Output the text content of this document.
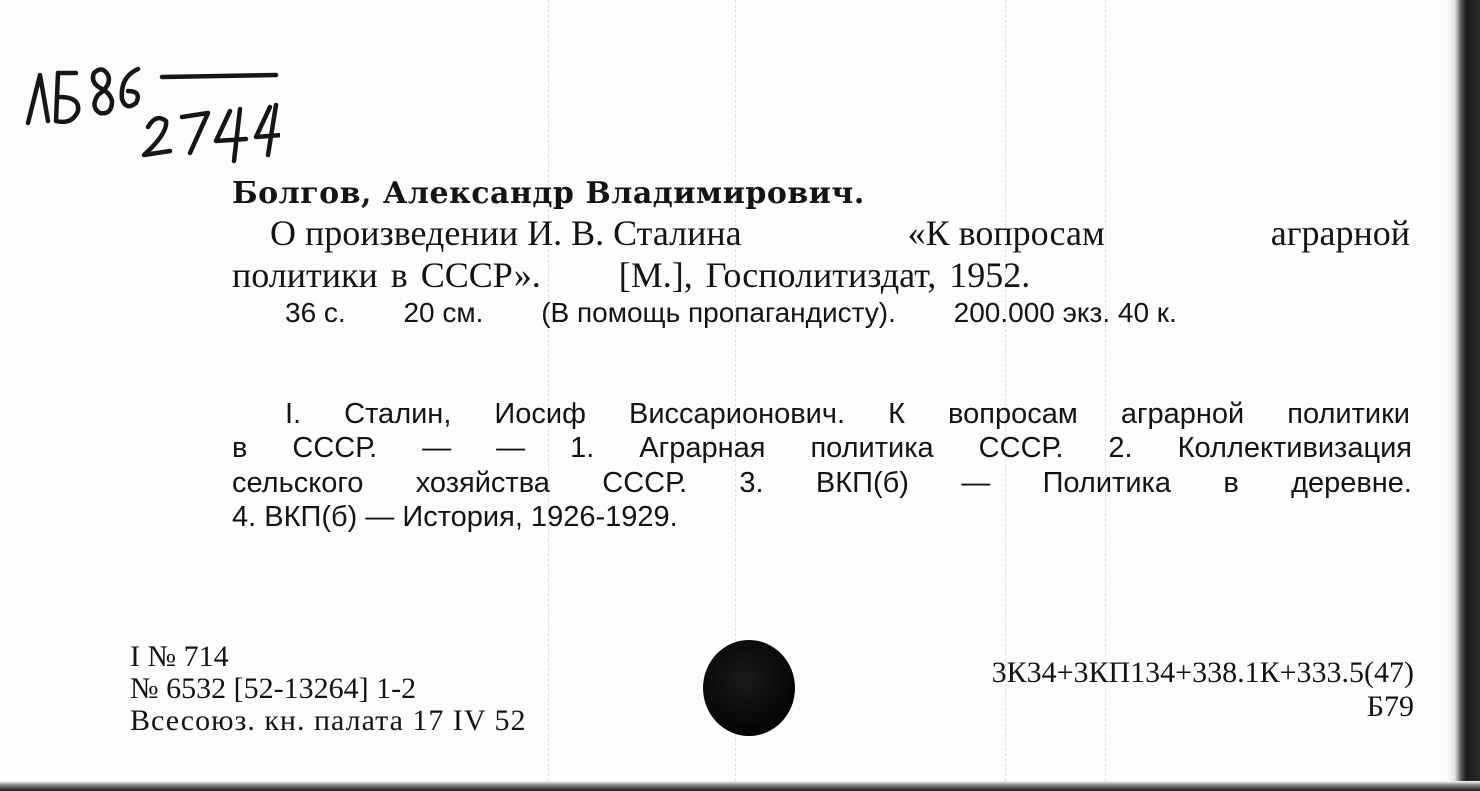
Болгов, Александр Владимирович.

О произведении И. В. Сталина	«К вопросам	аграрной

политики в СССР».      [М.], Госполитиздат, 1952.

36 с. 20 см. (В помощь пропагандисту). 200.000 экз. 40 к.

I. Сталин, Иосиф Виссарионович. К вопросам аграрной политики

в СССР. — — 1. Аграрная политика СССР. 2. Коллективизация

сельского хозяйства СССР. 3. ВКП(б) — Политика в деревне.

4. ВКП(б) — История, 1926-1929.

I № 714

№ 6532 [52-13264] 1-2

Всесоюз. кн. палата 17 IV 52

3К34+3КП134+338.1К+333.5(47)

Б79
